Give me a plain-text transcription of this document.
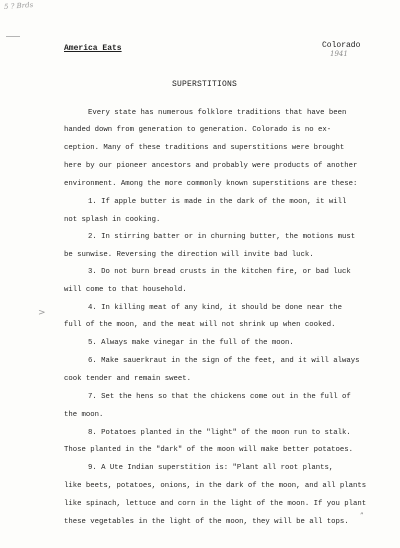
5 ? Brds
>
America Eats	Colorado
1941
SUPERSTITIONS
Every state has numerous folklore traditions that have been
handed down from generation to generation. Colorado is no ex-
ception. Many of these traditions and superstitions were brought
here by our pioneer ancestors and probably were products of another
environment. Among the more commonly known superstitions are these:
1. If apple butter is made in the dark of the moon, it will
not splash in cooking.
2. In stirring batter or in churning butter, the motions must
be sunwise. Reversing the direction will invite bad luck.
3. Do not burn bread crusts in the kitchen fire, or bad luck
will come to that household.
4. In killing meat of any kind, it should be done near the
full of the moon, and the meat will not shrink up when cooked.
5. Always make vinegar in the full of the moon.
6. Make sauerkraut in the sign of the feet, and it will always
cook tender and remain sweet.
7. Set the hens so that the chickens come out in the full of
the moon.
8. Potatoes planted in the "light" of the moon run to stalk.
Those planted in the "dark" of the moon will make better potatoes.
9. A Ute Indian superstition is: "Plant all root plants,
like beets, potatoes, onions, in the dark of the moon, and all plants
like spinach, lettuce and corn in the light of the moon. If you plant
these vegetables in the light of the moon, they will be all tops.
”
